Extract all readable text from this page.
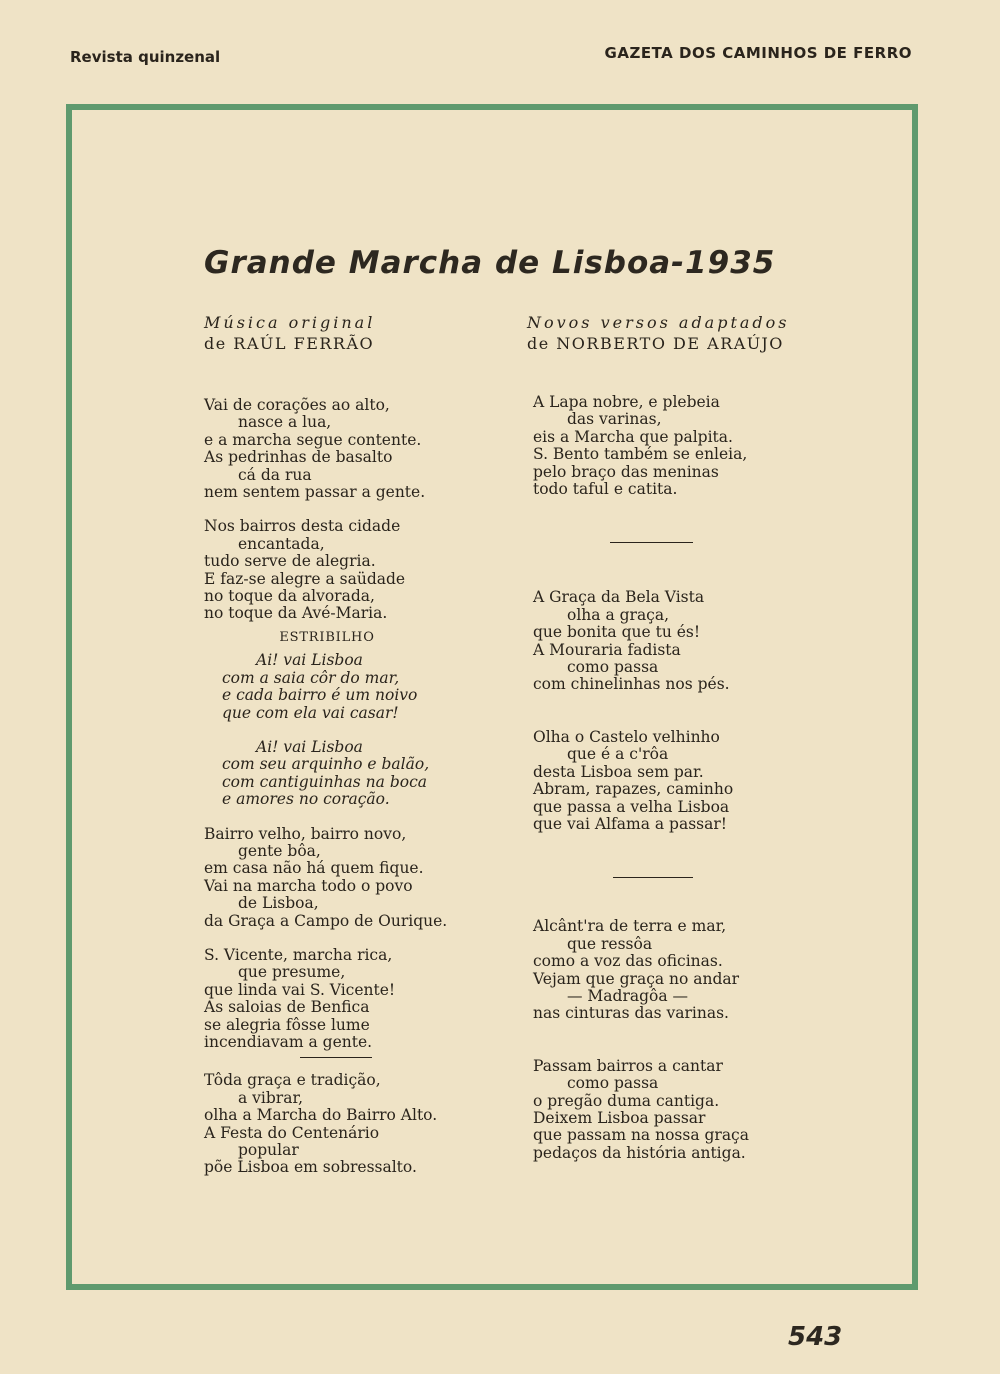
Revista quinzenal	GAZETA DOS CAMINHOS DE FERRO
Grande Marcha de Lisboa-1935
Música original
de RAÚL FERRÃO
Novos versos adaptados
de NORBERTO DE ARAÚJO
Vai de corações ao alto,
nasce a lua,
e a marcha segue contente.
As pedrinhas de basalto
cá da rua
nem sentem passar a gente.
Nos bairros desta cidade
encantada,
tudo serve de alegria.
E faz-se alegre a saüdade
no toque da alvorada,
no toque da Avé-Maria.
ESTRIBILHO
Ai! vai Lisboa
com a saia côr do mar,
e cada bairro é um noivo
que com ela vai casar!
Ai! vai Lisboa
com seu arquinho e balão,
com cantiguinhas na boca
e amores no coração.
Bairro velho, bairro novo,
gente bôa,
em casa não há quem fique.
Vai na marcha todo o povo
de Lisboa,
da Graça a Campo de Ourique.
S. Vicente, marcha rica,
que presume,
que linda vai S. Vicente!
As saloias de Benfica
se alegria fôsse lume
incendiavam a gente.
Tôda graça e tradição,
a vibrar,
olha a Marcha do Bairro Alto.
A Festa do Centenário
popular
põe Lisboa em sobressalto.
A Lapa nobre, e plebeia
das varinas,
eis a Marcha que palpita.
S. Bento também se enleia,
pelo braço das meninas
todo taful e catita.
A Graça da Bela Vista
olha a graça,
que bonita que tu és!
A Mouraria fadista
como passa
com chinelinhas nos pés.
Olha o Castelo velhinho
que é a c'rôa
desta Lisboa sem par.
Abram, rapazes, caminho
que passa a velha Lisboa
que vai Alfama a passar!
Alcânt'ra de terra e mar,
que ressôa
como a voz das oficinas.
Vejam que graça no andar
— Madragôa —
nas cinturas das varinas.
Passam bairros a cantar
como passa
o pregão duma cantiga.
Deixem Lisboa passar
que passam na nossa graça
pedaços da história antiga.
543
